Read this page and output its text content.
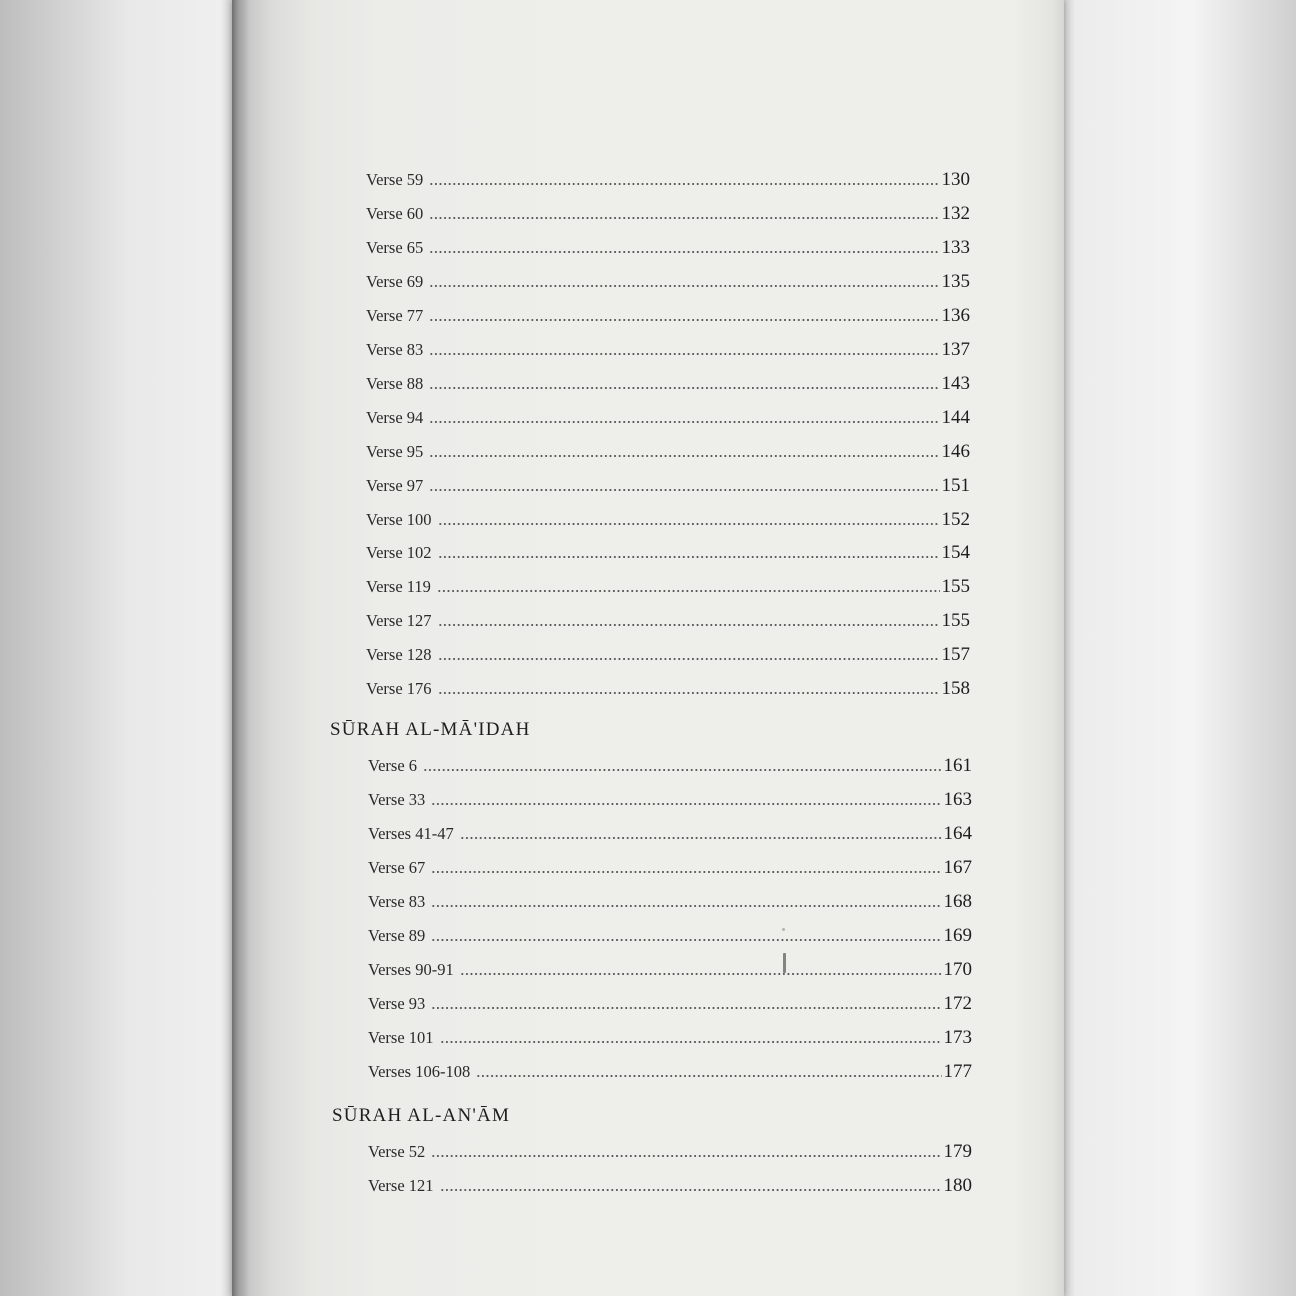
Verse 59	130
Verse 60	132
Verse 65	133
Verse 69	135
Verse 77	136
Verse 83	137
Verse 88	143
Verse 94	144
Verse 95	146
Verse 97	151
Verse 100	152
Verse 102	154
Verse 119	155
Verse 127	155
Verse 128	157
Verse 176	158
SŪRAH AL-MĀ'IDAH
Verse 6	161
Verse 33	163
Verses 41-47	164
Verse 67	167
Verse 83	168
Verse 89	169
Verses 90-91	170
Verse 93	172
Verse 101	173
Verses 106-108	177
SŪRAH AL-AN'ĀM
Verse 52	179
Verse 121	180
